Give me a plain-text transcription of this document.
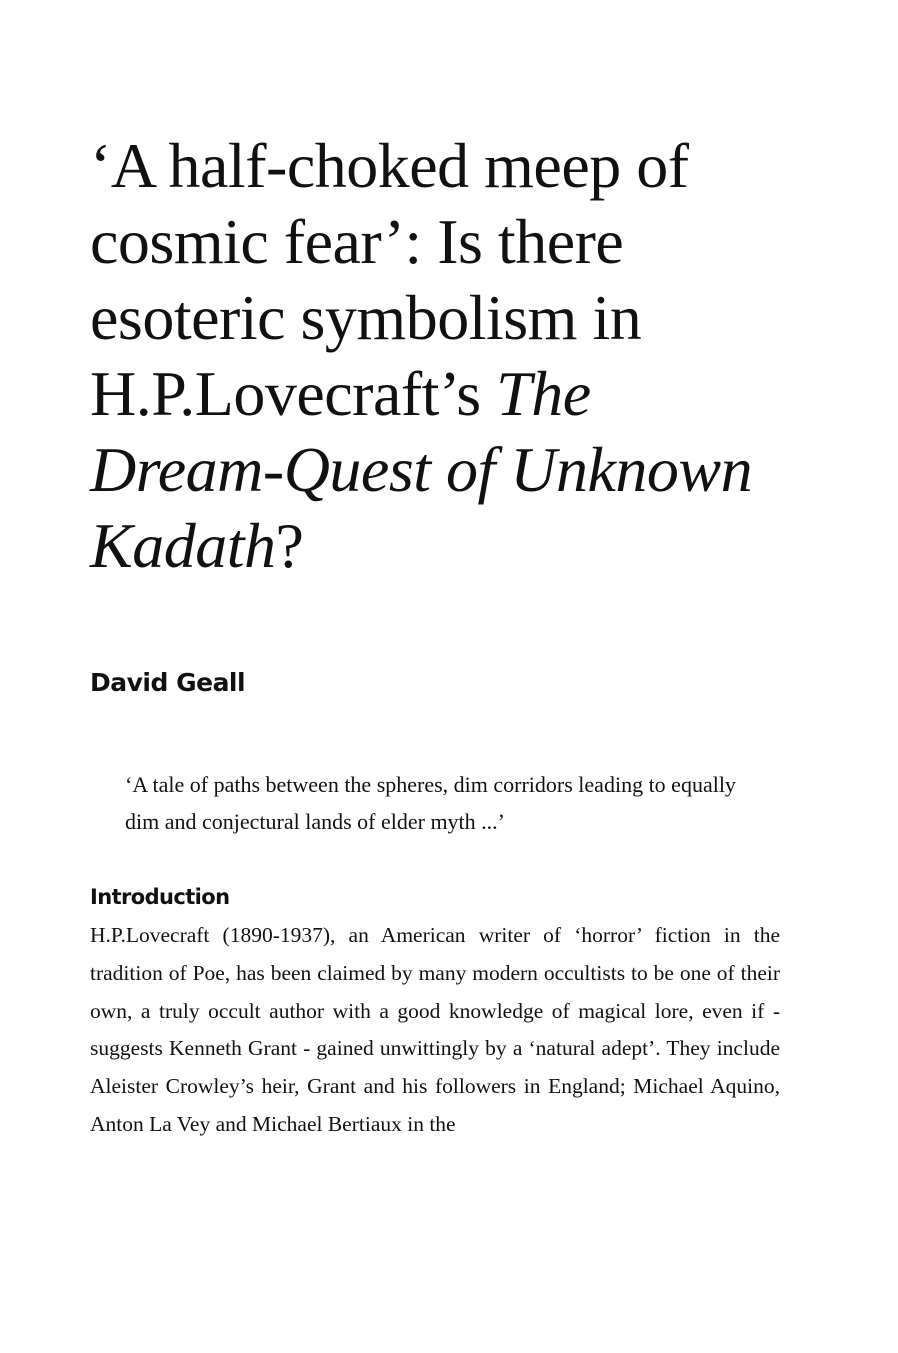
‘A half-choked meep of cosmic fear’: Is there esoteric symbolism in H.P.Lovecraft’s The Dream-Quest of Unknown Kadath?

David Geall

‘A tale of paths between the spheres, dim corridors leading to equally dim and conjectural lands of elder myth ...’

Introduction

H.P.Lovecraft (1890-1937), an American writer of ‘horror’ fiction in the tradition of Poe, has been claimed by many modern occultists to be one of their own, a truly occult author with a good knowledge of magical lore, even if - suggests Kenneth Grant - gained unwittingly by a ‘natural adept’. They include Aleister Crowley’s heir, Grant and his followers in England; Michael Aquino, Anton La Vey and Michael Bertiaux in the
